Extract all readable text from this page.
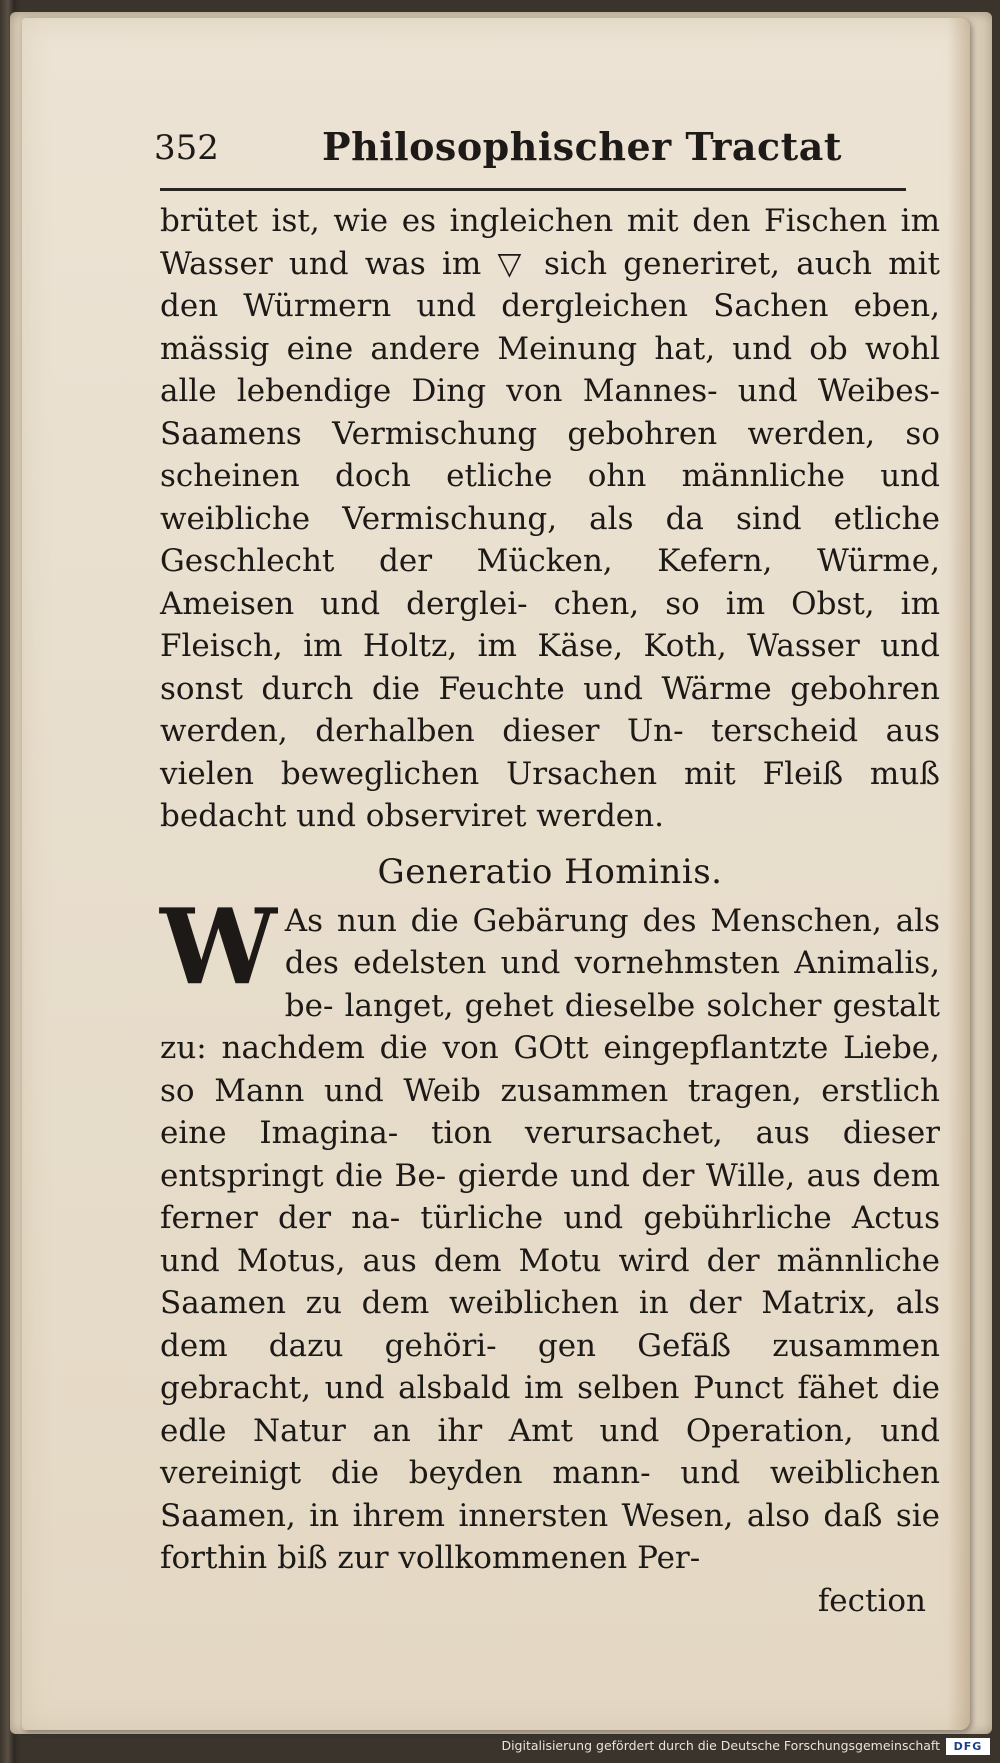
352	Philosophischer Tractat

brütet ist, wie es ingleichen mit den Fischen im Wasser und was im ▽ sich generiret, auch mit den Würmern und dergleichen Sachen eben, mässig eine andere Meinung hat, und ob wohl alle lebendige Ding von Mannes- und Weibes- Saamens Vermischung gebohren werden, so scheinen doch etliche ohn männliche und weibliche Vermischung, als da sind etliche Geschlecht der Mücken, Kefern, Würme, Ameisen und derglei- chen, so im Obst, im Fleisch, im Holtz, im Käse, Koth, Wasser und sonst durch die Feuchte und Wärme gebohren werden, derhalben dieser Un- terscheid aus vielen beweglichen Ursachen mit Fleiß muß bedacht und observiret werden.

Generatio Hominis.
W As nun die Gebärung des Menschen, als des edelsten und vornehmsten Animalis, be- langet, gehet dieselbe solcher gestalt zu: nachdem die von GOtt eingepflantzte Liebe, so Mann und Weib zusammen tragen, erstlich eine Imagina- tion verursachet, aus dieser entspringt die Be- gierde und der Wille, aus dem ferner der na- türliche und gebührliche Actus und Motus, aus dem Motu wird der männliche Saamen zu dem weiblichen in der Matrix, als dem dazu gehöri- gen Gefäß zusammen gebracht, und alsbald im selben Punct fähet die edle Natur an ihr Amt und Operation, und vereinigt die beyden mann- und weiblichen Saamen, in ihrem innersten Wesen, also daß sie forthin biß zur vollkommenen Per-

fection

Digitalisierung gefördert durch die Deutsche Forschungsgemeinschaft	DFG
